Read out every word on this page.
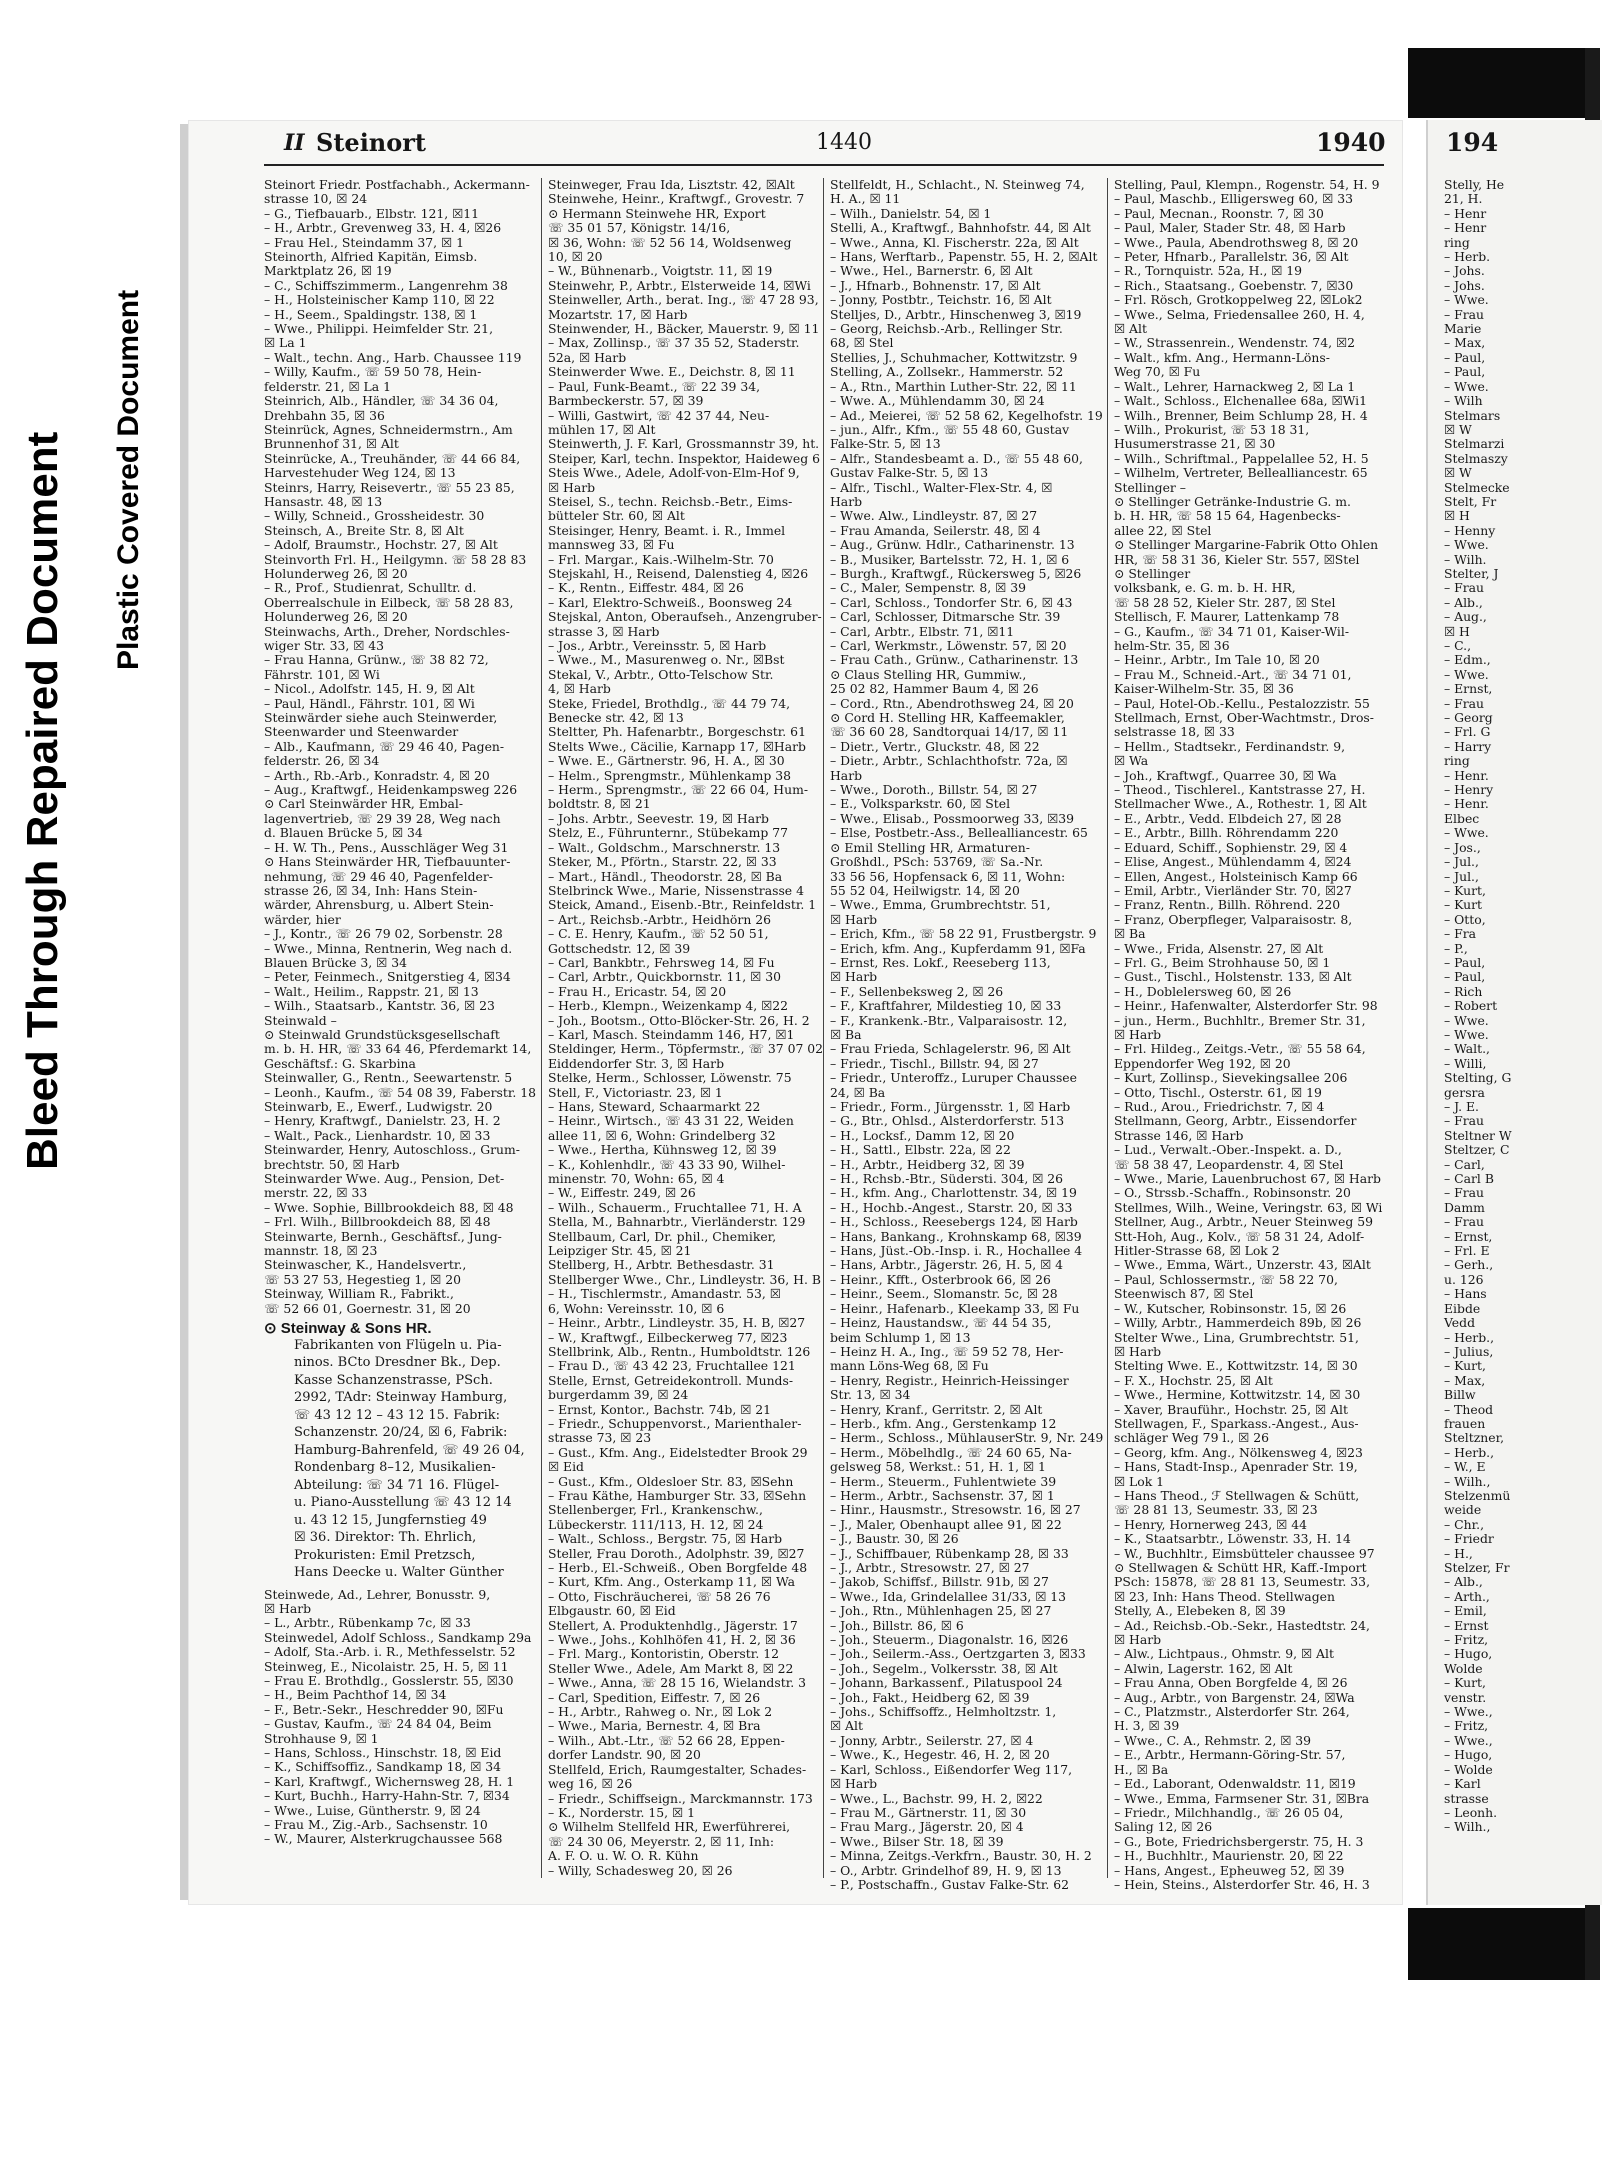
Bleed Through Repaired Document Plastic Covered Document
II Steinort	1440	1940
Steinort Friedr. Postfachabh., Ackermann-
strasse 10, ☒ 24
– G., Tiefbauarb., Elbstr. 121, ☒11
– H., Arbtr., Grevenweg 33, H. 4, ☒26
– Frau Hel., Steindamm 37, ☒ 1
Steinorth, Alfried Kapitän, Eimsb.
Marktplatz 26, ☒ 19
– C., Schiffszimmerm., Langenrehm 38
– H., Holsteinischer Kamp 110, ☒ 22
– H., Seem., Spaldingstr. 138, ☒ 1
– Wwe., Philippi. Heimfelder Str. 21,
☒ La 1
– Walt., techn. Ang., Harb. Chaussee 119
– Willy, Kaufm., ☏ 59 50 78, Hein-
felderstr. 21, ☒ La 1
Steinrich, Alb., Händler, ☏ 34 36 04,
Drehbahn 35, ☒ 36
Steinrück, Agnes, Schneidermstrn., Am
Brunnenhof 31, ☒ Alt
Steinrücke, A., Treuhänder, ☏ 44 66 84,
Harvestehuder Weg 124, ☒ 13
Steinrs, Harry, Reisevertr., ☏ 55 23 85,
Hansastr. 48, ☒ 13
– Willy, Schneid., Grossheidestr. 30
Steinsch, A., Breite Str. 8, ☒ Alt
– Adolf, Braumstr., Hochstr. 27, ☒ Alt
Steinvorth Frl. H., Heilgymn. ☏ 58 28 83
Holunderweg 26, ☒ 20
– R., Prof., Studienrat, Schulltr. d.
Oberrealschule in Eilbeck, ☏ 58 28 83,
Holunderweg 26, ☒ 20
Steinwachs, Arth., Dreher, Nordschles-
wiger Str. 33, ☒ 43
– Frau Hanna, Grünw., ☏ 38 82 72,
Fährstr. 101, ☒ Wi
– Nicol., Adolfstr. 145, H. 9, ☒ Alt
– Paul, Händl., Fährstr. 101, ☒ Wi
Steinwärder siehe auch Steinwerder,
Steenwarder und Steenwarder
– Alb., Kaufmann, ☏ 29 46 40, Pagen-
felderstr. 26, ☒ 34
– Arth., Rb.-Arb., Konradstr. 4, ☒ 20
– Aug., Kraftwgf., Heidenkampsweg 226
⊙ Carl Steinwärder HR, Embal-
lagenvertrieb, ☏ 29 39 28, Weg nach
d. Blauen Brücke 5, ☒ 34
– H. W. Th., Pens., Ausschläger Weg 31
⊙ Hans Steinwärder HR, Tiefbauunter-
nehmung, ☏ 29 46 40, Pagenfelder-
strasse 26, ☒ 34, Inh: Hans Stein-
wärder, Ahrensburg, u. Albert Stein-
wärder, hier
– J., Kontr., ☏ 26 79 02, Sorbenstr. 28
– Wwe., Minna, Rentnerin, Weg nach d.
Blauen Brücke 3, ☒ 34
– Peter, Feinmech., Snitgerstieg 4, ☒34
– Walt., Heilim., Rappstr. 21, ☒ 13
– Wilh., Staatsarb., Kantstr. 36, ☒ 23
Steinwald –
⊙ Steinwald Grundstücksgesellschaft
m. b. H. HR, ☏ 33 64 46, Pferdemarkt 14,
Geschäftsf.: G. Skarbina
Steinwaller, G., Rentn., Seewartenstr. 5
– Leonh., Kaufm., ☏ 54 08 39, Faberstr. 18
Steinwarb, E., Ewerf., Ludwigstr. 20
– Henry, Kraftwgf., Danielstr. 23, H. 2
– Walt., Pack., Lienhardstr. 10, ☒ 33
Steinwarder, Henry, Autoschloss., Grum-
brechtstr. 50, ☒ Harb
Steinwarder Wwe. Aug., Pension, Det-
merstr. 22, ☒ 33
– Wwe. Sophie, Billbrookdeich 88, ☒ 48
– Frl. Wilh., Billbrookdeich 88, ☒ 48
Steinwarte, Bernh., Geschäftsf., Jung-
mannstr. 18, ☒ 23
Steinwascher, K., Handelsvertr.,
☏ 53 27 53, Hegestieg 1, ☒ 20
Steinway, William R., Fabrikt.,
☏ 52 66 01, Goernestr. 31, ☒ 20
⊙ Steinway & Sons HR.
Fabrikanten von Flügeln u. Pia-
ninos. BCto Dresdner Bk., Dep.
Kasse Schanzenstrasse, PSch.
2992, TAdr: Steinway Hamburg,
☏ 43 12 12 – 43 12 15. Fabrik:
Schanzenstr. 20/24, ☒ 6, Fabrik:
Hamburg-Bahrenfeld, ☏ 49 26 04,
Rondenbarg 8–12, Musikalien-
Abteilung: ☏ 34 71 16. Flügel-
u. Piano-Ausstellung ☏ 43 12 14
u. 43 12 15, Jungfernstieg 49
☒ 36. Direktor: Th. Ehrlich,
Prokuristen: Emil Pretzsch,
Hans Deecke u. Walter Günther
Steinwede, Ad., Lehrer, Bonusstr. 9,
☒ Harb
– L., Arbtr., Rübenkamp 7c, ☒ 33
Steinwedel, Adolf Schloss., Sandkamp 29a
– Adolf, Sta.-Arb. i. R., Methfesselstr. 52
Steinweg, E., Nicolaistr. 25, H. 5, ☒ 11
– Frau E. Brothdlg., Gosslerstr. 55, ☒30
– H., Beim Pachthof 14, ☒ 34
– F., Betr.-Sekr., Heschredder 90, ☒Fu
– Gustav, Kaufm., ☏ 24 84 04, Beim
Strohhause 9, ☒ 1
– Hans, Schloss., Hinschstr. 18, ☒ Eid
– K., Schiffsoffiz., Sandkamp 18, ☒ 34
– Karl, Kraftwgf., Wichernsweg 28, H. 1
– Kurt, Buchh., Harry-Hahn-Str. 7, ☒34
– Wwe., Luise, Güntherstr. 9, ☒ 24
– Frau M., Zig.-Arb., Sachsenstr. 10
– W., Maurer, Alsterkrugchaussee 568
Steinweger, Frau Ida, Lisztstr. 42, ☒Alt
Steinwehe, Heinr., Kraftwgf., Grovestr. 7
⊙ Hermann Steinwehe HR, Export
☏ 35 01 57, Königstr. 14/16,
☒ 36, Wohn: ☏ 52 56 14, Woldsenweg
10, ☒ 20
– W., Bühnenarb., Voigtstr. 11, ☒ 19
Steinwehr, P., Arbtr., Elsterweide 14, ☒Wi
Steinweller, Arth., berat. Ing., ☏ 47 28 93,
Mozartstr. 17, ☒ Harb
Steinwender, H., Bäcker, Mauerstr. 9, ☒ 11
– Max, Zollinsp., ☏ 37 35 52, Staderstr.
52a, ☒ Harb
Steinwerder Wwe. E., Deichstr. 8, ☒ 11
– Paul, Funk-Beamt., ☏ 22 39 34,
Barmbeckerstr. 57, ☒ 39
– Willi, Gastwirt, ☏ 42 37 44, Neu-
mühlen 17, ☒ Alt
Steinwerth, J. F. Karl, Grossmannstr 39, ht.
Steiper, Karl, techn. Inspektor, Haideweg 6
Steis Wwe., Adele, Adolf-von-Elm-Hof 9,
☒ Harb
Steisel, S., techn. Reichsb.-Betr., Eims-
bütteler Str. 60, ☒ Alt
Steisinger, Henry, Beamt. i. R., Immel
mannsweg 33, ☒ Fu
– Frl. Margar., Kais.-Wilhelm-Str. 70
Stejskahl, H., Reisend, Dalenstieg 4, ☒26
– K., Rentn., Eiffestr. 484, ☒ 26
– Karl, Elektro-Schweiß., Boonsweg 24
Stejskal, Anton, Oberaufseh., Anzengruber-
strasse 3, ☒ Harb
– Jos., Arbtr., Vereinsstr. 5, ☒ Harb
– Wwe., M., Masurenweg o. Nr., ☒Bst
Stekal, V., Arbtr., Otto-Telschow Str.
4, ☒ Harb
Steke, Friedel, Brothdlg., ☏ 44 79 74,
Benecke str. 42, ☒ 13
Steltter, Ph. Hafenarbtr., Borgeschstr. 61
Stelts Wwe., Cäcilie, Karnapp 17, ☒Harb
– Wwe. E., Gärtnerstr. 96, H. A., ☒ 30
– Helm., Sprengmstr., Mühlenkamp 38
– Herm., Sprengmstr., ☏ 22 66 04, Hum-
boldtstr. 8, ☒ 21
– Johs. Arbtr., Seevestr. 19, ☒ Harb
Stelz, E., Führunternr., Stübekamp 77
– Walt., Goldschm., Marschnerstr. 13
Steker, M., Pförtn., Starstr. 22, ☒ 33
– Mart., Händl., Theodorstr. 28, ☒ Ba
Stelbrinck Wwe., Marie, Nissenstrasse 4
Steick, Amand., Eisenb.-Btr., Reinfeldstr. 1
– Art., Reichsb.-Arbtr., Heidhörn 26
– C. E. Henry, Kaufm., ☏ 52 50 51,
Gottschedstr. 12, ☒ 39
– Carl, Bankbtr., Fehrsweg 14, ☒ Fu
– Carl, Arbtr., Quickbornstr. 11, ☒ 30
– Frau H., Ericastr. 54, ☒ 20
– Herb., Klempn., Weizenkamp 4, ☒22
– Joh., Bootsm., Otto-Blöcker-Str. 26, H. 2
– Karl, Masch. Steindamm 146, H7, ☒1
Steldinger, Herm., Töpfermstr., ☏ 37 07 02
Eiddendorfer Str. 3, ☒ Harb
Stelke, Herm., Schlosser, Löwenstr. 75
Stell, F., Victoriastr. 23, ☒ 1
– Hans, Steward, Schaarmarkt 22
– Heinr., Wirtsch., ☏ 43 31 22, Weiden
allee 11, ☒ 6, Wohn: Grindelberg 32
– Wwe., Hertha, Kühnsweg 12, ☒ 39
– K., Kohlenhdlr., ☏ 43 33 90, Wilhel-
minenstr. 70, Wohn: 65, ☒ 4
– W., Eiffestr. 249, ☒ 26
– Wilh., Schauerm., Fruchtallee 71, H. A
Stella, M., Bahnarbtr., Vierländerstr. 129
Stellbaum, Carl, Dr. phil., Chemiker,
Leipziger Str. 45, ☒ 21
Stellberg, H., Arbtr. Bethesdastr. 31
Stellberger Wwe., Chr., Lindleystr. 36, H. B
– H., Tischlermstr., Amandastr. 53, ☒
6, Wohn: Vereinsstr. 10, ☒ 6
– Heinr., Arbtr., Lindleystr. 35, H. B, ☒27
– W., Kraftwgf., Eilbeckerweg 77, ☒23
Stellbrink, Alb., Rentn., Humboldtstr. 126
– Frau D., ☏ 43 42 23, Fruchtallee 121
Stelle, Ernst, Getreidekontroll. Munds-
burgerdamm 39, ☒ 24
– Ernst, Kontor., Bachstr. 74b, ☒ 21
– Friedr., Schuppenvorst., Marienthaler-
strasse 73, ☒ 23
– Gust., Kfm. Ang., Eidelstedter Brook 29
☒ Eid
– Gust., Kfm., Oldesloer Str. 83, ☒Sehn
– Frau Käthe, Hamburger Str. 33, ☒Sehn
Stellenberger, Frl., Krankenschw.,
Lübeckerstr. 111/113, H. 12, ☒ 24
– Walt., Schloss., Bergstr. 75, ☒ Harb
Steller, Frau Doroth., Adolphstr. 39, ☒27
– Herb., El.-Schweiß., Oben Borgfelde 48
– Kurt, Kfm. Ang., Osterkamp 11, ☒ Wa
– Otto, Fischräucherei, ☏ 58 26 76
Elbgaustr. 60, ☒ Eid
Stellert, A. Produktenhdlg., Jägerstr. 17
– Wwe., Johs., Kohlhöfen 41, H. 2, ☒ 36
– Frl. Marg., Kontoristin, Oberstr. 12
Steller Wwe., Adele, Am Markt 8, ☒ 22
– Wwe., Anna, ☏ 28 15 16, Wielandstr. 3
– Carl, Spedition, Eiffestr. 7, ☒ 26
– H., Arbtr., Rahweg o. Nr., ☒ Lok 2
– Wwe., Maria, Bernestr. 4, ☒ Bra
– Wilh., Abt.-Ltr., ☏ 52 66 28, Eppen-
dorfer Landstr. 90, ☒ 20
Stellfeld, Erich, Raumgestalter, Schades-
weg 16, ☒ 26
– Friedr., Schiffseign., Marckmannstr. 173
– K., Norderstr. 15, ☒ 1
⊙ Wilhelm Stellfeld HR, Ewerführerei,
☏ 24 30 06, Meyerstr. 2, ☒ 11, Inh:
A. F. O. u. W. O. R. Kühn
– Willy, Schadesweg 20, ☒ 26
Stellfeldt, H., Schlacht., N. Steinweg 74,
H. A., ☒ 11
– Wilh., Danielstr. 54, ☒ 1
Stelli, A., Kraftwgf., Bahnhofstr. 44, ☒ Alt
– Wwe., Anna, Kl. Fischerstr. 22a, ☒ Alt
– Hans, Werftarb., Papenstr. 55, H. 2, ☒Alt
– Wwe., Hel., Barnerstr. 6, ☒ Alt
– J., Hfnarb., Bohnenstr. 17, ☒ Alt
– Jonny, Postbtr., Teichstr. 16, ☒ Alt
Stelljes, D., Arbtr., Hinschenweg 3, ☒19
– Georg, Reichsb.-Arb., Rellinger Str.
68, ☒ Stel
Stellies, J., Schuhmacher, Kottwitzstr. 9
Stelling, A., Zollsekr., Hammerstr. 52
– A., Rtn., Marthin Luther-Str. 22, ☒ 11
– Wwe. A., Mühlendamm 30, ☒ 24
– Ad., Meierei, ☏ 52 58 62, Kegelhofstr. 19
– jun., Alfr., Kfm., ☏ 55 48 60, Gustav
Falke-Str. 5, ☒ 13
– Alfr., Standesbeamt a. D., ☏ 55 48 60,
Gustav Falke-Str. 5, ☒ 13
– Alfr., Tischl., Walter-Flex-Str. 4, ☒
Harb
– Wwe. Alw., Lindleystr. 87, ☒ 27
– Frau Amanda, Seilerstr. 48, ☒ 4
– Aug., Grünw. Hdlr., Catharinenstr. 13
– B., Musiker, Bartelsstr. 72, H. 1, ☒ 6
– Burgh., Kraftwgf., Rückersweg 5, ☒26
– C., Maler, Sempenstr. 8, ☒ 39
– Carl, Schloss., Tondorfer Str. 6, ☒ 43
– Carl, Schlosser, Ditmarsche Str. 39
– Carl, Arbtr., Elbstr. 71, ☒11
– Carl, Werkmstr., Löwenstr. 57, ☒ 20
– Frau Cath., Grünw., Catharinenstr. 13
⊙ Claus Stelling HR, Gummiw.,
25 02 82, Hammer Baum 4, ☒ 26
– Cord., Rtn., Abendrothsweg 24, ☒ 20
⊙ Cord H. Stelling HR, Kaffeemakler,
☏ 36 60 28, Sandtorquai 14/17, ☒ 11
– Dietr., Vertr., Gluckstr. 48, ☒ 22
– Dietr., Arbtr., Schlachthofstr. 72a, ☒
Harb
– Wwe., Doroth., Billstr. 54, ☒ 27
– E., Volksparkstr. 60, ☒ Stel
– Wwe., Elisab., Possmoorweg 33, ☒39
– Else, Postbetr.-Ass., Bellealliancestr. 65
⊙ Emil Stelling HR, Armaturen-
Großhdl., PSch: 53769, ☏ Sa.-Nr.
33 56 56, Hopfensack 6, ☒ 11, Wohn:
55 52 04, Heilwigstr. 14, ☒ 20
– Wwe., Emma, Grumbrechtstr. 51,
☒ Harb
– Erich, Kfm., ☏ 58 22 91, Frustbergstr. 9
– Erich, kfm. Ang., Kupferdamm 91, ☒Fa
– Ernst, Res. Lokf., Reeseberg 113,
☒ Harb
– F., Sellenbeksweg 2, ☒ 26
– F., Kraftfahrer, Mildestieg 10, ☒ 33
– F., Krankenk.-Btr., Valparaisostr. 12,
☒ Ba
– Frau Frieda, Schlagelerstr. 96, ☒ Alt
– Friedr., Tischl., Billstr. 94, ☒ 27
– Friedr., Unteroffz., Luruper Chaussee
24, ☒ Ba
– Friedr., Form., Jürgensstr. 1, ☒ Harb
– G., Btr., Ohlsd., Alsterdorferstr. 513
– H., Locksf., Damm 12, ☒ 20
– H., Sattl., Elbstr. 22a, ☒ 22
– H., Arbtr., Heidberg 32, ☒ 39
– H., Rchsb.-Btr., Südersti. 304, ☒ 26
– H., kfm. Ang., Charlottenstr. 34, ☒ 19
– H., Hochb.-Angest., Starstr. 20, ☒ 33
– H., Schloss., Reesebergs 124, ☒ Harb
– Hans, Bankang., Krohnskamp 68, ☒39
– Hans, Jüst.-Ob.-Insp. i. R., Hochallee 4
– Hans, Arbtr., Jägerstr. 26, H. 5, ☒ 4
– Heinr., Kfft., Osterbrook 66, ☒ 26
– Heinr., Seem., Slomanstr. 5c, ☒ 28
– Heinr., Hafenarb., Kleekamp 33, ☒ Fu
– Heinz, Haustandsw., ☏ 44 54 35,
beim Schlump 1, ☒ 13
– Heinz H. A., Ing., ☏ 59 52 78, Her-
mann Löns-Weg 68, ☒ Fu
– Henry, Registr., Heinrich-Heissinger
Str. 13, ☒ 34
– Henry, Kranf., Gerritstr. 2, ☒ Alt
– Herb., kfm. Ang., Gerstenkamp 12
– Herm., Schloss., MühlauserStr. 9, Nr. 249
– Herm., Möbelhdlg., ☏ 24 60 65, Na-
gelsweg 58, Werkst.: 51, H. 1, ☒ 1
– Herm., Steuerm., Fuhlentwiete 39
– Herm., Arbtr., Sachsenstr. 37, ☒ 1
– Hinr., Hausmstr., Stresowstr. 16, ☒ 27
– J., Maler, Obenhaupt allee 91, ☒ 22
– J., Baustr. 30, ☒ 26
– J., Schiffbauer, Rübenkamp 28, ☒ 33
– J., Arbtr., Stresowstr. 27, ☒ 27
– Jakob, Schiffsf., Billstr. 91b, ☒ 27
– Wwe., Ida, Grindelallee 31/33, ☒ 13
– Joh., Rtn., Mühlenhagen 25, ☒ 27
– Joh., Billstr. 86, ☒ 6
– Joh., Steuerm., Diagonalstr. 16, ☒26
– Joh., Seilerm.-Ass., Oertzgarten 3, ☒33
– Joh., Segelm., Volkersstr. 38, ☒ Alt
– Johann, Barkassenf., Pilatuspool 24
– Joh., Fakt., Heidberg 62, ☒ 39
– Johs., Schiffsoffz., Helmholtzstr. 1,
☒ Alt
– Jonny, Arbtr., Seilerstr. 27, ☒ 4
– Wwe., K., Hegestr. 46, H. 2, ☒ 20
– Karl, Schloss., Eißendorfer Weg 117,
☒ Harb
– Wwe., L., Bachstr. 99, H. 2, ☒22
– Frau M., Gärtnerstr. 11, ☒ 30
– Frau Marg., Jägerstr. 20, ☒ 4
– Wwe., Bilser Str. 18, ☒ 39
– Minna, Zeitgs.-Verkfrn., Baustr. 30, H. 2
– O., Arbtr. Grindelhof 89, H. 9, ☒ 13
– P., Postschaffn., Gustav Falke-Str. 62
Stelling, Paul, Klempn., Rogenstr. 54, H. 9
– Paul, Maschb., Elligersweg 60, ☒ 33
– Paul, Mecnan., Roonstr. 7, ☒ 30
– Paul, Maler, Stader Str. 48, ☒ Harb
– Wwe., Paula, Abendrothsweg 8, ☒ 20
– Peter, Hfnarb., Parallelstr. 36, ☒ Alt
– R., Tornquistr. 52a, H., ☒ 19
– Rich., Staatsang., Goebenstr. 7, ☒30
– Frl. Rösch, Grotkoppelweg 22, ☒Lok2
– Wwe., Selma, Friedensallee 260, H. 4,
☒ Alt
– W., Strassenrein., Wendenstr. 74, ☒2
– Walt., kfm. Ang., Hermann-Löns-
Weg 70, ☒ Fu
– Walt., Lehrer, Harnackweg 2, ☒ La 1
– Walt., Schloss., Elchenallee 68a, ☒Wi1
– Wilh., Brenner, Beim Schlump 28, H. 4
– Wilh., Prokurist, ☏ 53 18 31,
Husumerstrasse 21, ☒ 30
– Wilh., Schriftmal., Pappelallee 52, H. 5
– Wilhelm, Vertreter, Bellealliancestr. 65
Stellinger –
⊙ Stellinger Getränke-Industrie G. m.
b. H. HR, ☏ 58 15 64, Hagenbecks-
allee 22, ☒ Stel
⊙ Stellinger Margarine-Fabrik Otto Ohlen
HR, ☏ 58 31 36, Kieler Str. 557, ☒Stel
⊙ Stellinger
volksbank, e. G. m. b. H. HR,
☏ 58 28 52, Kieler Str. 287, ☒ Stel
Stellisch, F. Maurer, Lattenkamp 78
– G., Kaufm., ☏ 34 71 01, Kaiser-Wil-
helm-Str. 35, ☒ 36
– Heinr., Arbtr., Im Tale 10, ☒ 20
– Frau M., Schneid.-Art., ☏ 34 71 01,
Kaiser-Wilhelm-Str. 35, ☒ 36
– Paul, Hotel-Ob.-Kellu., Pestalozzistr. 55
Stellmach, Ernst, Ober-Wachtmstr., Dros-
selstrasse 18, ☒ 33
– Hellm., Stadtsekr., Ferdinandstr. 9,
☒ Wa
– Joh., Kraftwgf., Quarree 30, ☒ Wa
– Theod., Tischlerel., Kantstrasse 27, H.
Stellmacher Wwe., A., Rothestr. 1, ☒ Alt
– E., Arbtr., Vedd. Elbdeich 27, ☒ 28
– E., Arbtr., Billh. Röhrendamm 220
– Eduard, Schiff., Sophienstr. 29, ☒ 4
– Elise, Angest., Mühlendamm 4, ☒24
– Ellen, Angest., Holsteinisch Kamp 66
– Emil, Arbtr., Vierländer Str. 70, ☒27
– Franz, Rentn., Billh. Röhrend. 220
– Franz, Oberpfleger, Valparaisostr. 8,
☒ Ba
– Wwe., Frida, Alsenstr. 27, ☒ Alt
– Frl. G., Beim Strohhause 50, ☒ 1
– Gust., Tischl., Holstenstr. 133, ☒ Alt
– H., Doblelersweg 60, ☒ 26
– Heinr., Hafenwalter, Alsterdorfer Str. 98
– jun., Herm., Buchhltr., Bremer Str. 31,
☒ Harb
– Frl. Hildeg., Zeitgs.-Vetr., ☏ 55 58 64,
Eppendorfer Weg 192, ☒ 20
– Kurt, Zollinsp., Sievekingsallee 206
– Otto, Tischl., Osterstr. 61, ☒ 19
– Rud., Arou., Friedrichstr. 7, ☒ 4
Stellmann, Georg, Arbtr., Eissendorfer
Strasse 146, ☒ Harb
– Lud., Verwalt.-Ober.-Inspekt. a. D.,
☏ 58 38 47, Leopardenstr. 4, ☒ Stel
– Wwe., Marie, Lauenbruchost 67, ☒ Harb
– O., Strssb.-Schaffn., Robinsonstr. 20
Stellmes, Wilh., Weine, Veringstr. 63, ☒ Wi
Stellner, Aug., Arbtr., Neuer Steinweg 59
Stt-Hoh, Aug., Kolv., ☏ 58 31 24, Adolf-
Hitler-Strasse 68, ☒ Lok 2
– Wwe., Emma, Wärt., Unzerstr. 43, ☒Alt
– Paul, Schlossermstr., ☏ 58 22 70,
Steenwisch 87, ☒ Stel
– W., Kutscher, Robinsonstr. 15, ☒ 26
– Willy, Arbtr., Hammerdeich 89b, ☒ 26
Stelter Wwe., Lina, Grumbrechtstr. 51,
☒ Harb
Stelting Wwe. E., Kottwitzstr. 14, ☒ 30
– F. X., Hochstr. 25, ☒ Alt
– Wwe., Hermine, Kottwitzstr. 14, ☒ 30
– Xaver, Brauführ., Hochstr. 25, ☒ Alt
Stellwagen, F., Sparkass.-Angest., Aus-
schläger Weg 79 l., ☒ 26
– Georg, kfm. Ang., Nölkensweg 4, ☒23
– Hans, Stadt-Insp., Apenrader Str. 19,
☒ Lok 1
– Hans Theod., ℱ Stellwagen & Schütt,
☏ 28 81 13, Seumestr. 33, ☒ 23
– Henry, Hornerweg 243, ☒ 44
– K., Staatsarbtr., Löwenstr. 33, H. 14
– W., Buchhltr., Eimsbütteler chaussee 97
⊙ Stellwagen & Schütt HR, Kaff.-Import
PSch: 15878, ☏ 28 81 13, Seumestr. 33,
☒ 23, Inh: Hans Theod. Stellwagen
Stelly, A., Elebeken 8, ☒ 39
– Ad., Reichsb.-Ob.-Sekr., Hastedtstr. 24,
☒ Harb
– Alw., Lichtpaus., Ohmstr. 9, ☒ Alt
– Alwin, Lagerstr. 162, ☒ Alt
– Frau Anna, Oben Borgfelde 4, ☒ 26
– Aug., Arbtr., von Bargenstr. 24, ☒Wa
– C., Platzmstr., Alsterdorfer Str. 264,
H. 3, ☒ 39
– Wwe., C. A., Rehmstr. 2, ☒ 39
– E., Arbtr., Hermann-Göring-Str. 57,
H., ☒ Ba
– Ed., Laborant, Odenwaldstr. 11, ☒19
– Wwe., Emma, Farmsener Str. 31, ☒Bra
– Friedr., Milchhandlg., ☏ 26 05 04,
Saling 12, ☒ 26
– G., Bote, Friedrichsbergerstr. 75, H. 3
– H., Buchhltr., Maurienstr. 20, ☒ 22
– Hans, Angest., Epheuweg 52, ☒ 39
– Hein, Steins., Alsterdorfer Str. 46, H. 3
194
Stelly, He
21, H.
– Henr
– Henr
ring
– Herb.
– Johs.
– Johs.
– Wwe.
– Frau
Marie
– Max,
– Paul,
– Paul,
– Wwe.
– Wilh
Stelmars
☒ W
Stelmarzi
Stelmaszy
☒ W
Stelmecke
Stelt, Fr
☒ H
– Henny
– Wwe.
– Wilh.
Stelter, J
– Frau
– Alb.,
– Aug.,
☒ H
– C.,
– Edm.,
– Wwe.
– Ernst,
– Frau
– Georg
– Frl. G
– Harry
ring
– Henr.
– Henry
– Henr.
Elbec
– Wwe.
– Jos.,
– Jul.,
– Jul.,
– Kurt,
– Kurt
– Otto,
– Fra
– P.,
– Paul,
– Paul,
– Rich
– Robert
– Wwe.
– Wwe.
– Walt.,
– Willi,
Stelting, G
gersra
– J. E.
– Frau
Steltner W
Steltzer, C
– Carl,
– Carl B
– Frau
Damm
– Frau
– Ernst,
– Frl. E
– Gerh.,
u. 126
– Hans
Eibde
Vedd
– Herb.,
– Julius,
– Kurt,
– Max,
Billw
– Theod
frauen
Steltzner,
– Herb.,
– W., E
– Wilh.,
Stelzenmü
weide
– Chr.,
– Friedr
– H.,
Stelzer, Fr
– Alb.,
– Arth.,
– Emil,
– Ernst
– Fritz,
– Hugo,
Wolde
– Kurt,
venstr.
– Wwe.,
– Fritz,
– Wwe.,
– Hugo,
– Wolde
– Karl
strasse
– Leonh.
– Wilh.,
